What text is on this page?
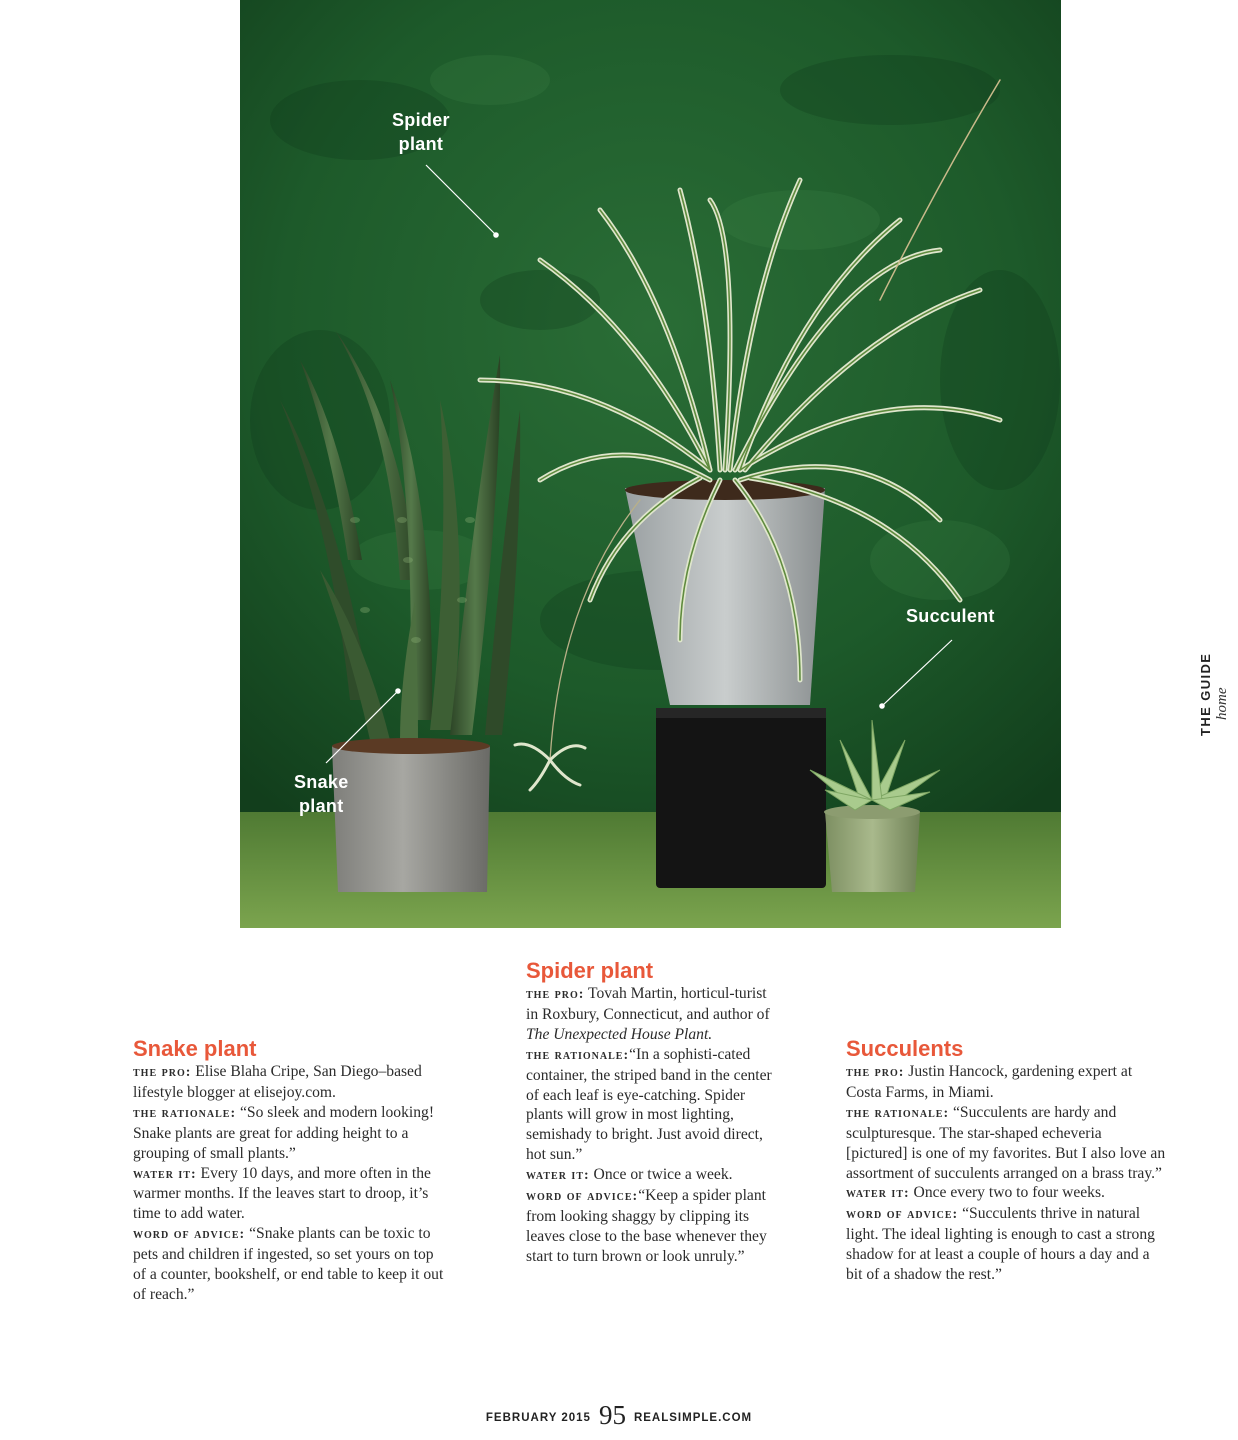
Spider
plant
Succulent
Snake
plant
THE GUIDE home
Snake plant

the pro: Elise Blaha Cripe, San Diego–based lifestyle blogger at elisejoy.com.

the rationale: “So sleek and modern looking! Snake plants are great for adding height to a grouping of small plants.”

water it: Every 10 days, and more often in the warmer months. If the leaves start to droop, it’s time to add water.

word of advice: “Snake plants can be toxic to pets and children if ingested, so set yours on top of a counter, bookshelf, or end table to keep it out of reach.”

Spider plant

the pro: Tovah Martin, horticul-turist in Roxbury, Connecticut, and author of The Unexpected House Plant.

the rationale:“In a sophisti-cated container, the striped band in the center of each leaf is eye-catching. Spider plants will grow in most lighting, semishady to bright. Just avoid direct, hot sun.”

water it: Once or twice a week.

word of advice:“Keep a spider plant from looking shaggy by clipping its leaves close to the base whenever they start to turn brown or look unruly.”

Succulents

the pro: Justin Hancock, gardening expert at Costa Farms, in Miami.

the rationale: “Succulents are hardy and sculpturesque. The star-shaped echeveria [pictured] is one of my favorites. But I also love an assortment of succulents arranged on a brass tray.”

water it: Once every two to four weeks.

word of advice: “Succulents thrive in natural light. The ideal lighting is enough to cast a strong shadow for at least a couple of hours a day and a bit of a shadow the rest.”

FEBRUARY 2015 95 REALSIMPLE.COM
